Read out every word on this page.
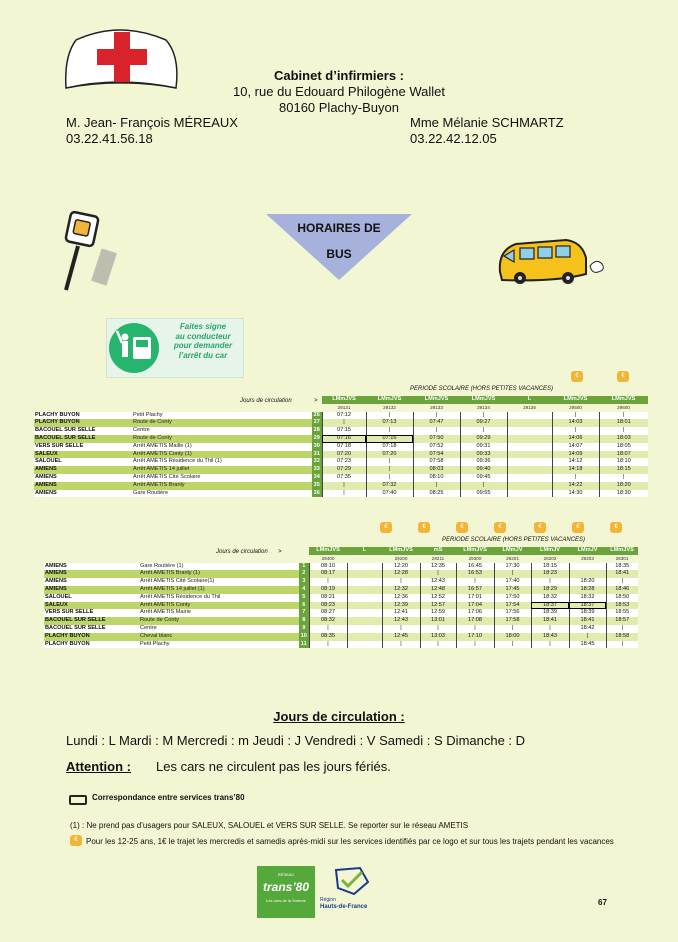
Cabinet d’infirmiers :
10, rue du Edouard Philogène Wallet
80160 Plachy-Buyon
M. Jean- François MÉREAUX
03.22.41.56.18
Mme Mélanie SCHMARTZ
03.22.42.12.05
HORAIRES DE
BUS
Faites signe
au conducteur
pour demander
l’arrêt du car
€	€
PERIODE SCOLAIRE (HORS PETITES VACANCES)
Jours de circulation	>
				LMmJVS	LMmJVS	LMmJVS	LMmJVS	L	LMmJVS	LMmJVS
			29131	29132	29133	29134	29135	29500	29600
PLACHY BUYON	Petit Plachy	26	07:12	|	|	|		|	|
PLACHY BUYON	Route de Conty	27	|	07:13	07:47	09:27		14:03	18:01
BACOUEL SUR SELLE	Centre	28	07:15	|	|	|		|	|
BACOUEL SUR SELLE	Route de Conty	29	07:16	07:16	07:50	09:29		14:06	18:03
VERS SUR SELLE	Arrêt AMETIS Maille (1)	30	07:18	07:18	07:52	09:31		14:07	18:05
SALEUX	Arrêt AMETIS Conty (1)	31	07:20	07:20	07:54	09:33		14:09	18:07
SALOUEL	Arrêt AMETIS Résidence du Thil (1)	32	07:23	|	07:58	09:36		14:12	18:10
AMIENS	Arrêt AMETIS 14 juillet	33	07:29	|	08:03	09:40		14:18	18:15
AMIENS	Arrêt AMETIS Cité Scolaire	34	07:35	|	08:10	09:45		|	|
AMIENS	Arrêt AMETIS Branly	35	|	07:32	|	|		14:22	18:20
AMIENS	Gare Routière	36	|	07:40	08:25	09:55		14:30	18:30
€	€	€	€	€	€	€
PERIODE SCOLAIRE (HORS PETITES VACANCES)
Jours de circulation >
				LMmJVS	L	LMmJVS	mS	LMmJVS	LMmJV	LMmJV	LMmJV	LMmJVS
			29400		29200	29211	29300	29201	29202	29203	29301
AMIENS	Gare Routière (1)	1	08:10		12:20	12:35	16:45	17:30	18:15		18:35
AMIENS	Arrêt AMETIS Branly (1)	2	08:17		12:28	|	16:53	|	18:23		18:41
AMIENS	Arrêt AMETIS Cité Scolaire(1)	3	|		|	12:43	|	17:40	|	18:20	|
AMIENS	Arrêt AMETIS 14 juillet (1)	4	08:19		12:32	12:48	16:57	17:45	18:29	18:28	18:46
SALOUEL	Arrêt AMETIS Résidence du Thil	5	08:21		12:36	12:52	17:01	17:50	18:32	18:32	18:50
SALEUX	Arrêt AMETIS Conty	6	08:23		12:39	12:57	17:04	17:54	18:37	18:37	18:53
VERS SUR SELLE	Arrêt AMETIS Mairie	7	08:27		12:41	12:59	17:06	17:56	18:39	18:39	18:55
BACOUEL SUR SELLE	Route de Conty	8	08:32		12:43	13:01	17:08	17:58	18:41	18:41	18:57
BACOUEL SUR SELLE	Centre	9	|		|	|	|	|	|	18:42	|
PLACHY BUYON	Cheval blanc	10	08:35		12:45	13:03	17:10	18:00	18:43	|	18:58
PLACHY BUYON	Petit Plachy	11	|		|	|	|	|	|	18:45	|
Jours de circulation :
Lundi : L Mardi : M Mercredi : m Jeudi : J Vendredi : V Samedi : S Dimanche : D
Attention : Les cars ne circulent pas les jours fériés.
Correspondance entre services trans’80
(1) : Ne prend pas d’usagers pour SALEUX, SALOUEL et VERS SUR SELLE. Se reporter sur le réseau AMETIS
€	Pour les 12-25 ans, 1€ le trajet les mercredis et samedis après-midi sur les services identifiés par ce logo et sur tous les trajets pendant les vacances
RÉSEAU
trans’80
Les cars de la Somme	Région
Hauts-de-France	67
